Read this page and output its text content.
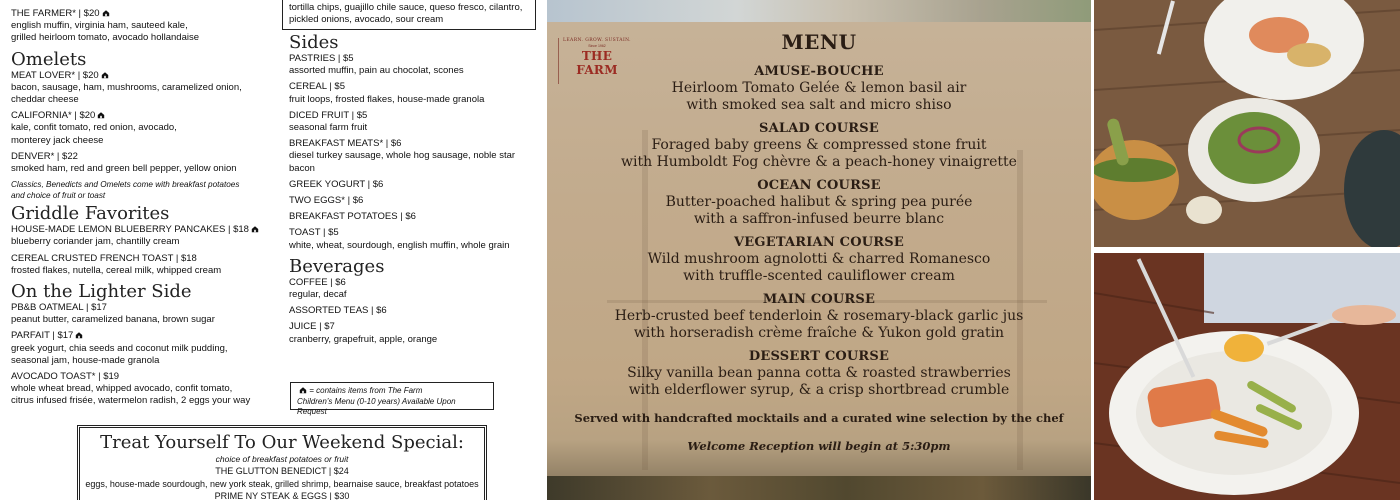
tortilla chips, guajillo chile sauce, queso fresco, cilantro,
pickled onions, avocado, sour cream
THE FARMER* | $20
english muffin, virginia ham, sauteed kale,
grilled heirloom tomato, avocado hollandaise
Omelets
MEAT LOVER* | $20
bacon, sausage, ham, mushrooms, caramelized onion,
cheddar cheese
CALIFORNIA* | $20
kale, confit tomato, red onion, avocado,
monterey jack cheese
DENVER* | $22
smoked ham, red and green bell pepper, yellow onion
Classics, Benedicts and Omelets come with breakfast potatoes
and choice of fruit or toast
Griddle Favorites
HOUSE-MADE LEMON BLUEBERRY PANCAKES | $18
blueberry coriander jam, chantilly cream
CEREAL CRUSTED FRENCH TOAST | $18
frosted flakes, nutella, cereal milk, whipped cream
On the Lighter Side
PB&B OATMEAL | $17
peanut butter, caramelized banana, brown sugar
PARFAIT | $17
greek yogurt, chia seeds and coconut milk pudding,
seasonal jam, house-made granola
AVOCADO TOAST* | $19
whole wheat bread, whipped avocado, confit tomato,
citrus infused frisée, watermelon radish, 2 eggs your way
Sides
PASTRIES | $5
assorted muffin, pain au chocolat, scones
CEREAL | $5
fruit loops, frosted flakes, house-made granola
DICED FRUIT | $5
seasonal farm fruit
BREAKFAST MEATS* | $6
diesel turkey sausage, whole hog sausage, noble star bacon
GREEK YOGURT | $6
TWO EGGS* | $6
BREAKFAST POTATOES | $6
TOAST | $5
white, wheat, sourdough, english muffin, whole grain
Beverages
COFFEE | $6
regular, decaf
ASSORTED TEAS | $6
JUICE | $7
cranberry, grapefruit, apple, orange
= contains items from The Farm
Children’s Menu (0-10 years) Available Upon Request
Treat Yourself To Our Weekend Special:
choice of breakfast potatoes or fruit
THE GLUTTON BENEDICT | $24
eggs, house-made sourdough, new york steak, grilled shrimp, bearnaise sauce, breakfast potatoes
PRIME NY STEAK & EGGS | $30
LEARN. GROW. SUSTAIN.
Since 1962
THE FARM
MENU
AMUSE-BOUCHE
Heirloom Tomato Gelée & lemon basil air
with smoked sea salt and micro shiso
SALAD COURSE
Foraged baby greens & compressed stone fruit
with Humboldt Fog chèvre & a peach-honey vinaigrette
OCEAN COURSE
Butter-poached halibut & spring pea purée
with a saffron-infused beurre blanc
VEGETARIAN COURSE
Wild mushroom agnolotti & charred Romanesco
with truffle-scented cauliflower cream
MAIN COURSE
Herb-crusted beef tenderloin & rosemary-black garlic jus
with horseradish crème fraîche & Yukon gold gratin
DESSERT COURSE
Silky vanilla bean panna cotta & roasted strawberries
with elderflower syrup, & a crisp shortbread crumble
Served with handcrafted mocktails and a curated wine selection by the chef
Welcome Reception will begin at 5:30pm
